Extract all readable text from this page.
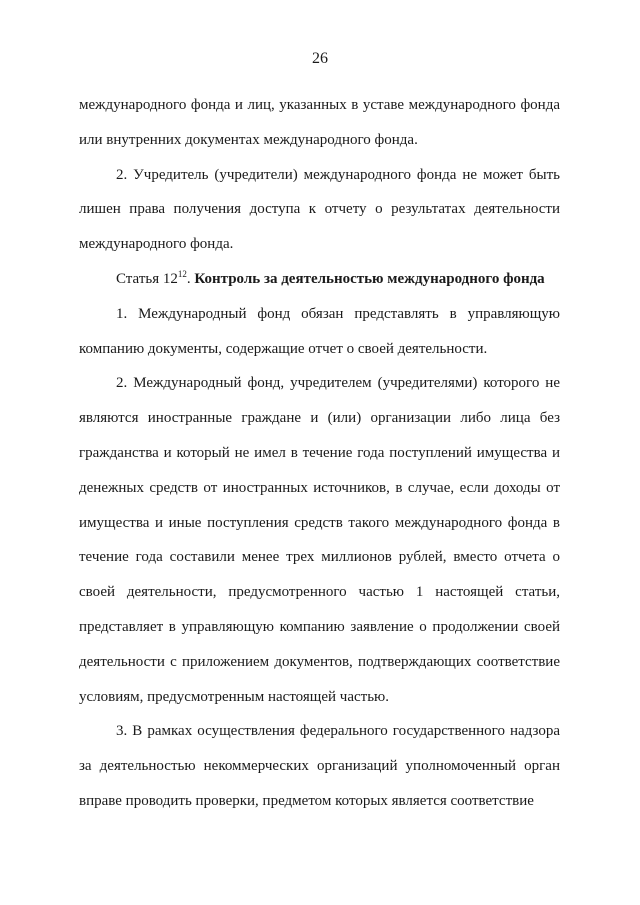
26

международного фонда и лиц, указанных в уставе международного фонда или внутренних документах международного фонда.

2. Учредитель (учредители) международного фонда не может быть лишен права получения доступа к отчету о результатах деятельности международного фонда.

Статья $12^{12}$. Контроль за деятельностью международного фонда

1. Международный фонд обязан представлять в управляющую компанию документы, содержащие отчет о своей деятельности.

2. Международный фонд, учредителем (учредителями) которого не являются иностранные граждане и (или) организации либо лица без гражданства и который не имел в течение года поступлений имущества и денежных средств от иностранных источников, в случае, если доходы от имущества и иные поступления средств такого международного фонда в течение года составили менее трех миллионов рублей, вместо отчета о своей деятельности, предусмотренного частью 1 настоящей статьи, представляет в управляющую компанию заявление о продолжении своей деятельности с приложением документов, подтверждающих соответствие условиям, предусмотренным настоящей частью.

3. В рамках осуществления федерального государственного надзора за деятельностью некоммерческих организаций уполномоченный орган вправе проводить проверки, предметом которых является соответствие
